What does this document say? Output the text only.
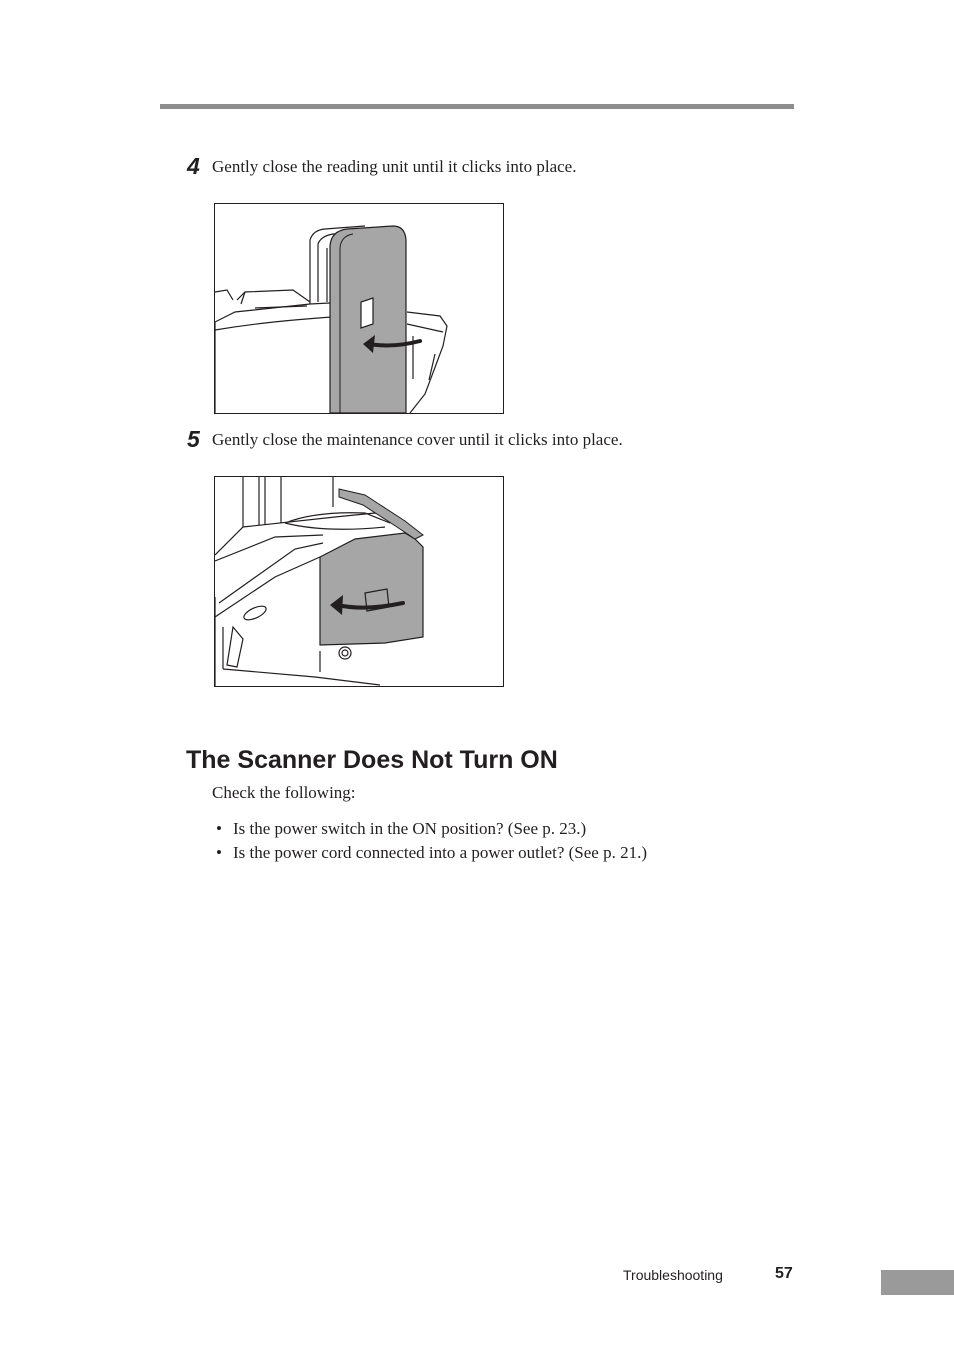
4 Gently close the reading unit until it clicks into place.
5 Gently close the maintenance cover until it clicks into place.
The Scanner Does Not Turn ON
Check the following:
• Is the power switch in the ON position? (See p. 23.)
• Is the power cord connected into a power outlet? (See p. 21.)
Troubleshooting	57
